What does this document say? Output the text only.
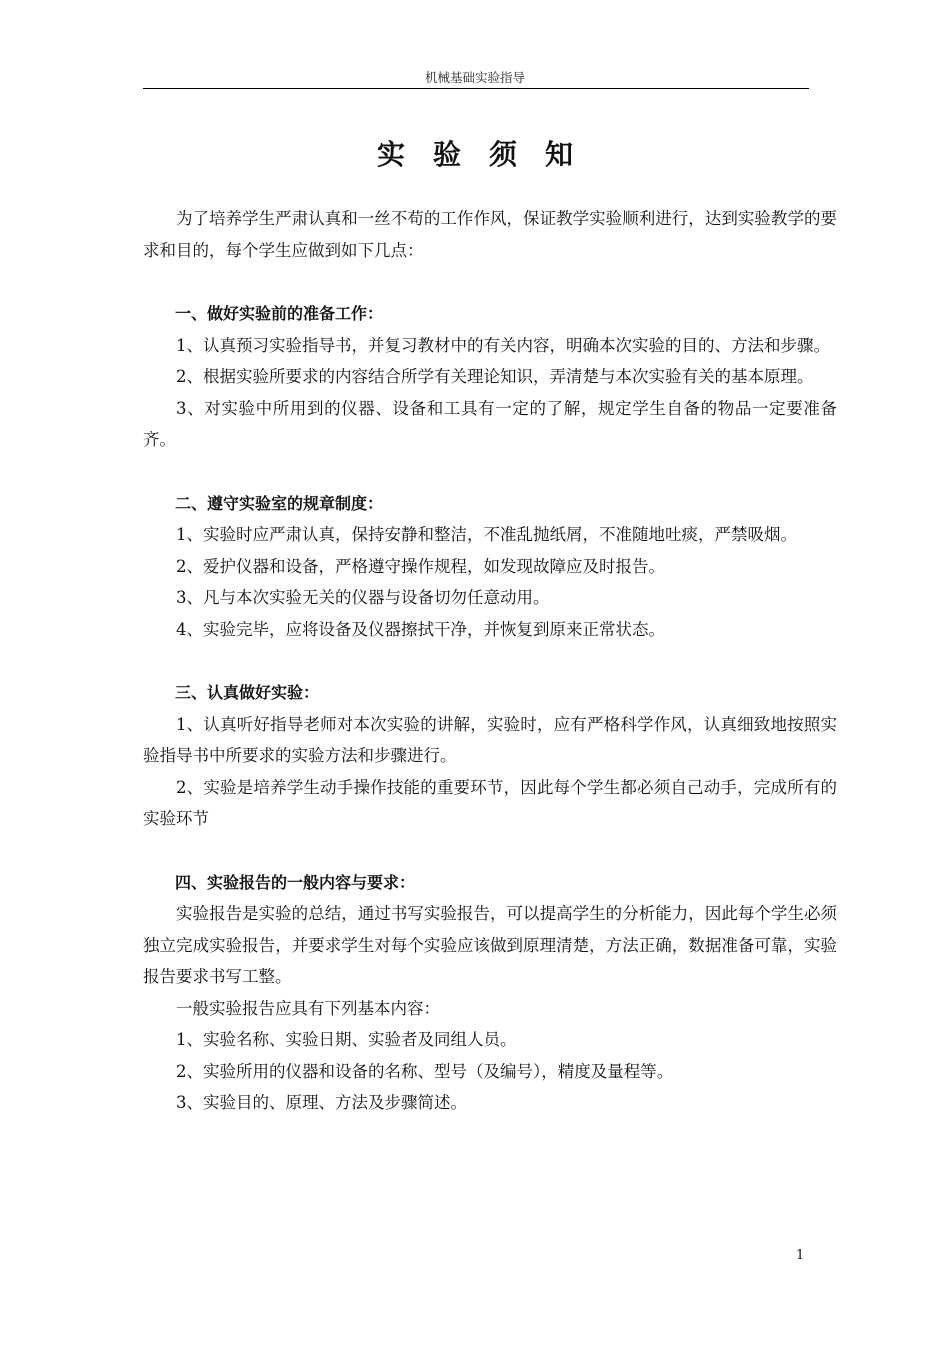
机械基础实验指导
实验须知

为了培养学生严肃认真和一丝不苟的工作作风，保证教学实验顺利进行，达到实验教学的要求和目的，每个学生应做到如下几点：

一、做好实验前的准备工作：

1、认真预习实验指导书，并复习教材中的有关内容，明确本次实验的目的、方法和步骤。

2、根据实验所要求的内容结合所学有关理论知识，弄清楚与本次实验有关的基本原理。

3、对实验中所用到的仪器、设备和工具有一定的了解，规定学生自备的物品一定要准备齐。

二、遵守实验室的规章制度：

1、实验时应严肃认真，保持安静和整洁，不准乱抛纸屑，不准随地吐痰，严禁吸烟。

2、爱护仪器和设备，严格遵守操作规程，如发现故障应及时报告。

3、凡与本次实验无关的仪器与设备切勿任意动用。

4、实验完毕，应将设备及仪器擦拭干净，并恢复到原来正常状态。

三、认真做好实验：

1、认真听好指导老师对本次实验的讲解，实验时，应有严格科学作风，认真细致地按照实验指导书中所要求的实验方法和步骤进行。

2、实验是培养学生动手操作技能的重要环节，因此每个学生都必须自己动手，完成所有的实验环节

四、实验报告的一般内容与要求：

实验报告是实验的总结，通过书写实验报告，可以提高学生的分析能力，因此每个学生必须独立完成实验报告，并要求学生对每个实验应该做到原理清楚，方法正确，数据准备可靠，实验报告要求书写工整。

一般实验报告应具有下列基本内容：

1、实验名称、实验日期、实验者及同组人员。

2、实验所用的仪器和设备的名称、型号（及编号），精度及量程等。

3、实验目的、原理、方法及步骤简述。

1
